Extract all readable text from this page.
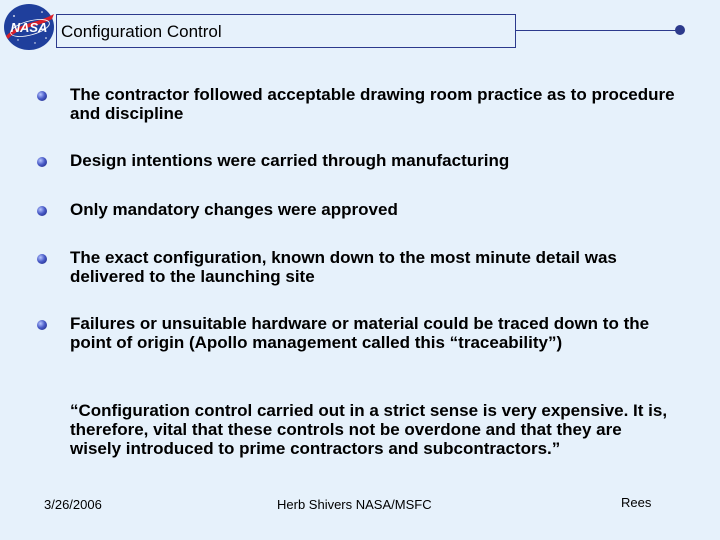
NASA Configuration Control
The contractor followed acceptable drawing room practice as to procedure and discipline
Design intentions were carried through manufacturing
Only mandatory changes were approved
The exact configuration, known down to the most minute detail was delivered to the launching site
Failures or unsuitable hardware or material could be traced down to the point of origin (Apollo management called this “traceability”)
“Configuration control carried out in a strict sense is very expensive. It is, therefore, vital that these controls not be overdone and that they are wisely introduced to prime contractors and subcontractors.”
3/26/2006	Herb Shivers NASA/MSFC	Rees
